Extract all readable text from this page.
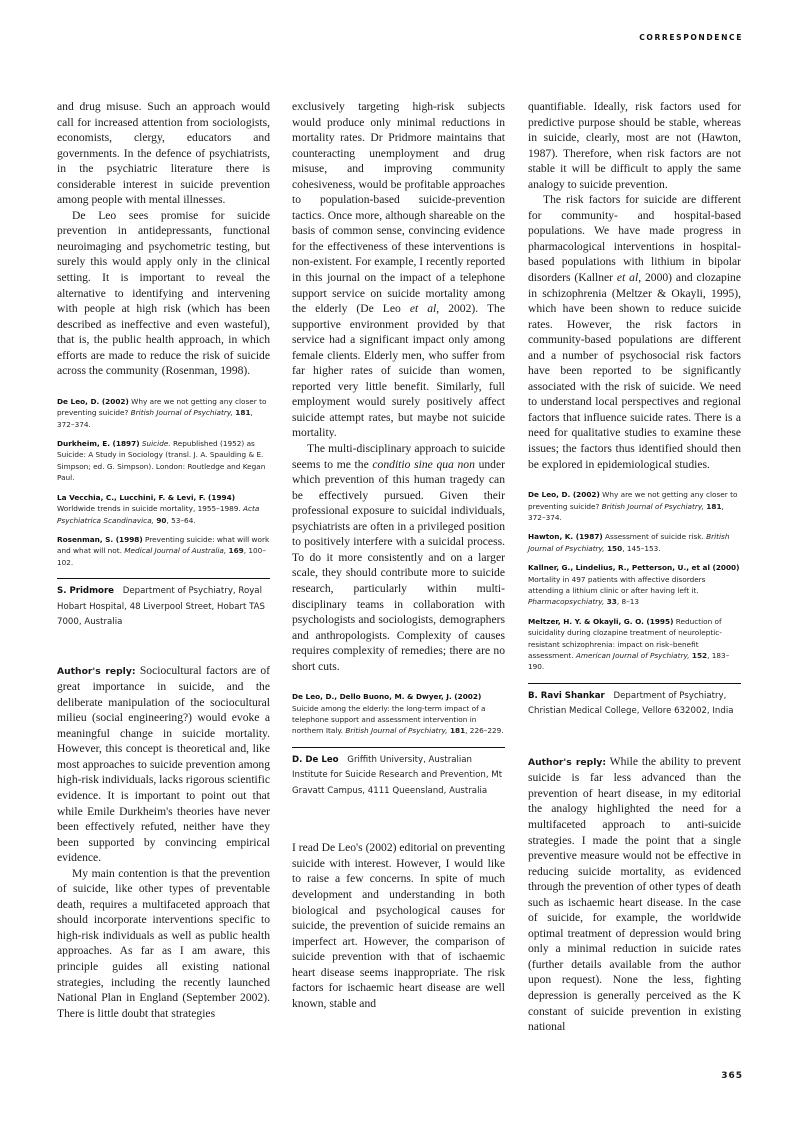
CORRESPONDENCE

and drug misuse. Such an approach would call for increased attention from sociologists, economists, clergy, educators and governments. In the defence of psychiatrists, in the psychiatric literature there is considerable interest in suicide prevention among people with mental illnesses.

De Leo sees promise for suicide prevention in antidepressants, functional neuroimaging and psychometric testing, but surely this would apply only in the clinical setting. It is important to reveal the alternative to identifying and intervening with people at high risk (which has been described as ineffective and even wasteful), that is, the public health approach, in which efforts are made to reduce the risk of suicide across the community (Rosenman, 1998).

De Leo, D. (2002) Why are we not getting any closer to preventing suicide? British Journal of Psychiatry, 181, 372–374.

Durkheim, E. (1897) Suicide. Republished (1952) as Suicide: A Study in Sociology (transl. J. A. Spaulding & E. Simpson; ed. G. Simpson). London: Routledge and Kegan Paul.

La Vecchia, C., Lucchini, F. & Levi, F. (1994) Worldwide trends in suicide mortality, 1955–1989. Acta Psychiatrica Scandinavica, 90, 53–64.

Rosenman, S. (1998) Preventing suicide: what will work and what will not. Medical Journal of Australia, 169, 100–102.

S. Pridmore Department of Psychiatry, Royal Hobart Hospital, 48 Liverpool Street, Hobart TAS 7000, Australia

Author's reply: Sociocultural factors are of great importance in suicide, and the deliberate manipulation of the sociocultural milieu (social engineering?) would evoke a meaningful change in suicide mortality. However, this concept is theoretical and, like most approaches to suicide prevention among high-risk individuals, lacks rigorous scientific evidence. It is important to point out that while Emile Durkheim's theories have never been effectively refuted, neither have they been supported by convincing empirical evidence.

My main contention is that the prevention of suicide, like other types of preventable death, requires a multifaceted approach that should incorporate interventions specific to high-risk individuals as well as public health approaches. As far as I am aware, this principle guides all existing national strategies, including the recently launched National Plan in England (September 2002). There is little doubt that strategies

exclusively targeting high-risk subjects would produce only minimal reductions in mortality rates. Dr Pridmore maintains that counteracting unemployment and drug misuse, and improving community cohesiveness, would be profitable approaches to population-based suicide-prevention tactics. Once more, although shareable on the basis of common sense, convincing evidence for the effectiveness of these interventions is non-existent. For example, I recently reported in this journal on the impact of a telephone support service on suicide mortality among the elderly (De Leo et al, 2002). The supportive environment provided by that service had a significant impact only among female clients. Elderly men, who suffer from far higher rates of suicide than women, reported very little benefit. Similarly, full employment would surely positively affect suicide attempt rates, but maybe not suicide mortality.

The multi-disciplinary approach to suicide seems to me the conditio sine qua non under which prevention of this human tragedy can be effectively pursued. Given their professional exposure to suicidal individuals, psychiatrists are often in a privileged position to positively interfere with a suicidal process. To do it more consistently and on a larger scale, they should contribute more to suicide research, particularly within multi-disciplinary teams in collaboration with psychologists and sociologists, demographers and anthropologists. Complexity of causes requires complexity of remedies; there are no short cuts.

De Leo, D., Dello Buono, M. & Dwyer, J. (2002)
Suicide among the elderly: the long-term impact of a telephone support and assessment intervention in northern Italy. British Journal of Psychiatry, 181, 226–229.

D. De Leo Griffith University, Australian Institute for Suicide Research and Prevention, Mt Gravatt Campus, 4111 Queensland, Australia

I read De Leo's (2002) editorial on preventing suicide with interest. However, I would like to raise a few concerns. In spite of much development and understanding in both biological and psychological causes for suicide, the prevention of suicide remains an imperfect art. However, the comparison of suicide prevention with that of ischaemic heart disease seems inappropriate. The risk factors for ischaemic heart disease are well known, stable and

quantifiable. Ideally, risk factors used for predictive purpose should be stable, whereas in suicide, clearly, most are not (Hawton, 1987). Therefore, when risk factors are not stable it will be difficult to apply the same analogy to suicide prevention.

The risk factors for suicide are different for community- and hospital-based populations. We have made progress in pharmacological interventions in hospital-based populations with lithium in bipolar disorders (Kallner et al, 2000) and clozapine in schizophrenia (Meltzer & Okayli, 1995), which have been shown to reduce suicide rates. However, the risk factors in community-based populations are different and a number of psychosocial risk factors have been reported to be significantly associated with the risk of suicide. We need to understand local perspectives and regional factors that influence suicide rates. There is a need for qualitative studies to examine these issues; the factors thus identified should then be explored in epidemiological studies.

De Leo, D. (2002) Why are we not getting any closer to preventing suicide? British Journal of Psychiatry, 181, 372–374.

Hawton, K. (1987) Assessment of suicide risk. British Journal of Psychiatry, 150, 145–153.

Kallner, G., Lindelius, R., Petterson, U., et al (2000) Mortality in 497 patients with affective disorders attending a lithium clinic or after having left it. Pharmacopsychiatry, 33, 8–13

Meltzer, H. Y. & Okayli, G. O. (1995) Reduction of suicidality during clozapine treatment of neuroleptic-resistant schizophrenia: impact on risk–benefit assessment. American Journal of Psychiatry, 152, 183–190.

B. Ravi Shankar Department of Psychiatry, Christian Medical College, Vellore 632002, India

Author's reply: While the ability to prevent suicide is far less advanced than the prevention of heart disease, in my editorial the analogy highlighted the need for a multifaceted approach to anti-suicide strategies. I made the point that a single preventive measure would not be effective in reducing suicide mortality, as evidenced through the prevention of other types of death such as ischaemic heart disease. In the case of suicide, for example, the worldwide optimal treatment of depression would bring only a minimal reduction in suicide rates (further details available from the author upon request). None the less, fighting depression is generally perceived as the K constant of suicide prevention in existing national

365
